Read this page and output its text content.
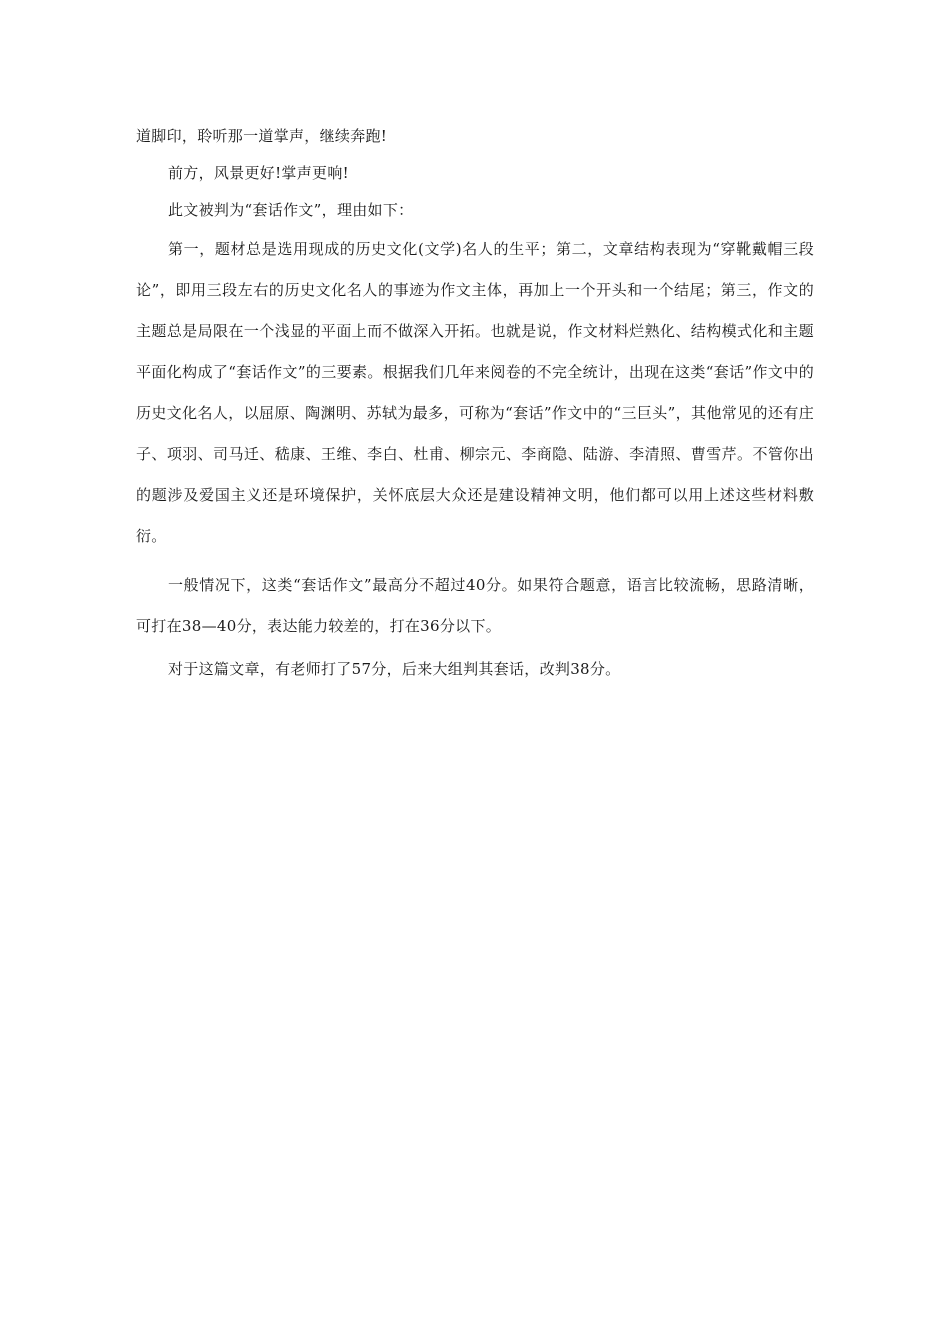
道脚印，聆听那一道掌声，继续奔跑!

前方，风景更好!掌声更响!

此文被判为“套话作文”，理由如下：

第一，题材总是选用现成的历史文化(文学)名人的生平；第二，文章结构表现为“穿靴戴帽三段论”，即用三段左右的历史文化名人的事迹为作文主体，再加上一个开头和一个结尾；第三，作文的主题总是局限在一个浅显的平面上而不做深入开拓。也就是说，作文材料烂熟化、结构模式化和主题平面化构成了“套话作文”的三要素。根据我们几年来阅卷的不完全统计，出现在这类“套话”作文中的历史文化名人，以屈原、陶渊明、苏轼为最多，可称为“套话”作文中的“三巨头”，其他常见的还有庄子、项羽、司马迁、嵇康、王维、李白、杜甫、柳宗元、李商隐、陆游、李清照、曹雪芹。不管你出的题涉及爱国主义还是环境保护，关怀底层大众还是建设精神文明，他们都可以用上述这些材料敷衍。

一般情况下，这类“套话作文”最高分不超过40分。如果符合题意，语言比较流畅，思路清晰，可打在38—40分，表达能力较差的，打在36分以下。

对于这篇文章，有老师打了57分，后来大组判其套话，改判38分。
